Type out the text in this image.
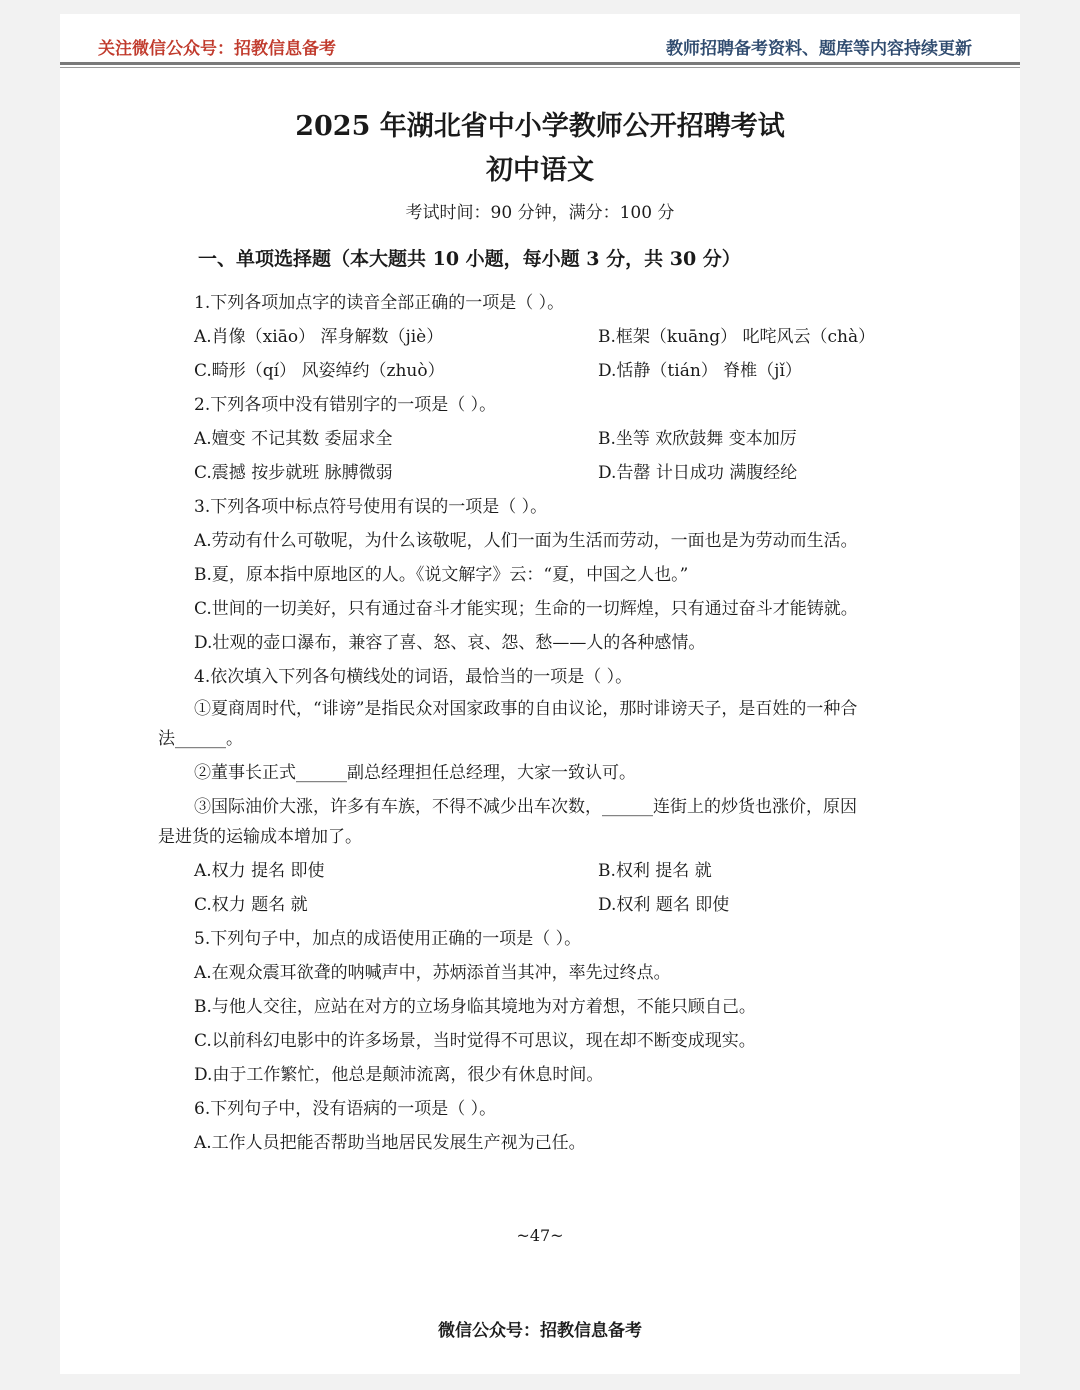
关注微信公众号：招教信息备考	教师招聘备考资料、题库等内容持续更新
2025 年湖北省中小学教师公开招聘考试
初中语文
考试时间：90 分钟，满分：100 分
一、单项选择题（本大题共 10 小题，每小题 3 分，共 30 分）
1.下列各项加点字的读音全部正确的一项是（ ）。
A.肖像（xiāo） 浑身解数（jiè）	B.框架（kuāng） 叱咤风云（chà）
C.畸形（qí） 风姿绰约（zhuò）	D.恬静（tián） 脊椎（jǐ）
2.下列各项中没有错别字的一项是（ ）。
A.嬗变 不记其数 委屈求全	B.坐等 欢欣鼓舞 变本加厉
C.震撼 按步就班 脉膊微弱	D.告罄 计日成功 满腹经纶
3.下列各项中标点符号使用有误的一项是（ ）。
A.劳动有什么可敬呢，为什么该敬呢，人们一面为生活而劳动，一面也是为劳动而生活。
B.夏，原本指中原地区的人。《说文解字》云：“夏，中国之人也。”
C.世间的一切美好，只有通过奋斗才能实现；生命的一切辉煌，只有通过奋斗才能铸就。
D.壮观的壶口瀑布，兼容了喜、怒、哀、怨、愁——人的各种感情。
4.依次填入下列各句横线处的词语，最恰当的一项是（ ）。
①夏商周时代，“诽谤”是指民众对国家政事的自由议论，那时诽谤天子，是百姓的一种合
法______。
②董事长正式______副总经理担任总经理，大家一致认可。
③国际油价大涨，许多有车族，不得不减少出车次数，______连街上的炒货也涨价，原因
是进货的运输成本增加了。
A.权力 提名 即使	B.权利 提名 就
C.权力 题名 就	D.权利 题名 即使
5.下列句子中，加点的成语使用正确的一项是（ ）。
A.在观众震耳欲聋的呐喊声中，苏炳添首当其冲，率先过终点。
B.与他人交往，应站在对方的立场身临其境地为对方着想，不能只顾自己。
C.以前科幻电影中的许多场景，当时觉得不可思议，现在却不断变成现实。
D.由于工作繁忙，他总是颠沛流离，很少有休息时间。
6.下列句子中，没有语病的一项是（ ）。
A.工作人员把能否帮助当地居民发展生产视为己任。
~47~
微信公众号：招教信息备考
